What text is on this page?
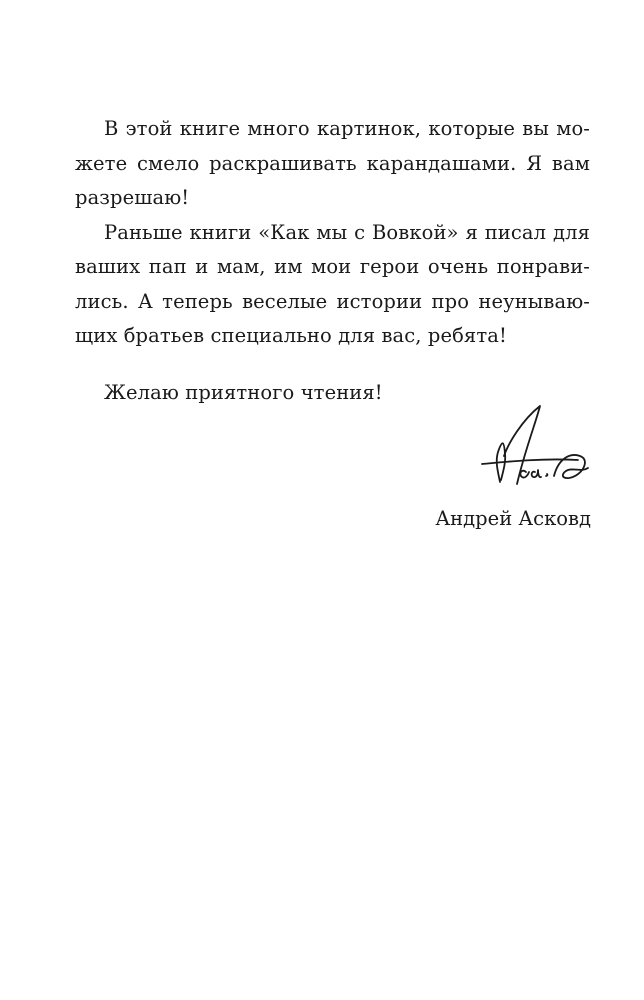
В этой книге много картинок, которые вы мо-
жете смело раскрашивать карандашами. Я вам
разрешаю!
Раньше книги «Как мы с Вовкой» я писал для
ваших пап и мам, им мои герои очень понрави-
лись. А теперь веселые истории про неунываю-
щих братьев специально для вас, ребята!
Желаю приятного чтения!
Андрей Асковд
